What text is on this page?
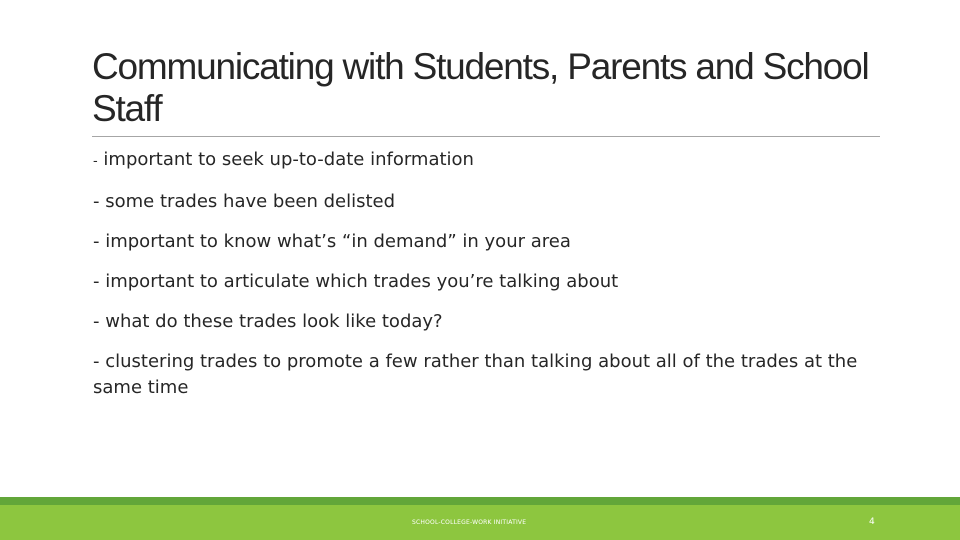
Communicating with Students, Parents and School Staff
- important to seek up-to-date information
- some trades have been delisted
- important to know what’s “in demand” in your area
- important to articulate which trades you’re talking about
- what do these trades look like today?
- clustering trades to promote a few rather than talking about all of the trades at the same time
SCHOOL-COLLEGE-WORK INITIATIVE	4
